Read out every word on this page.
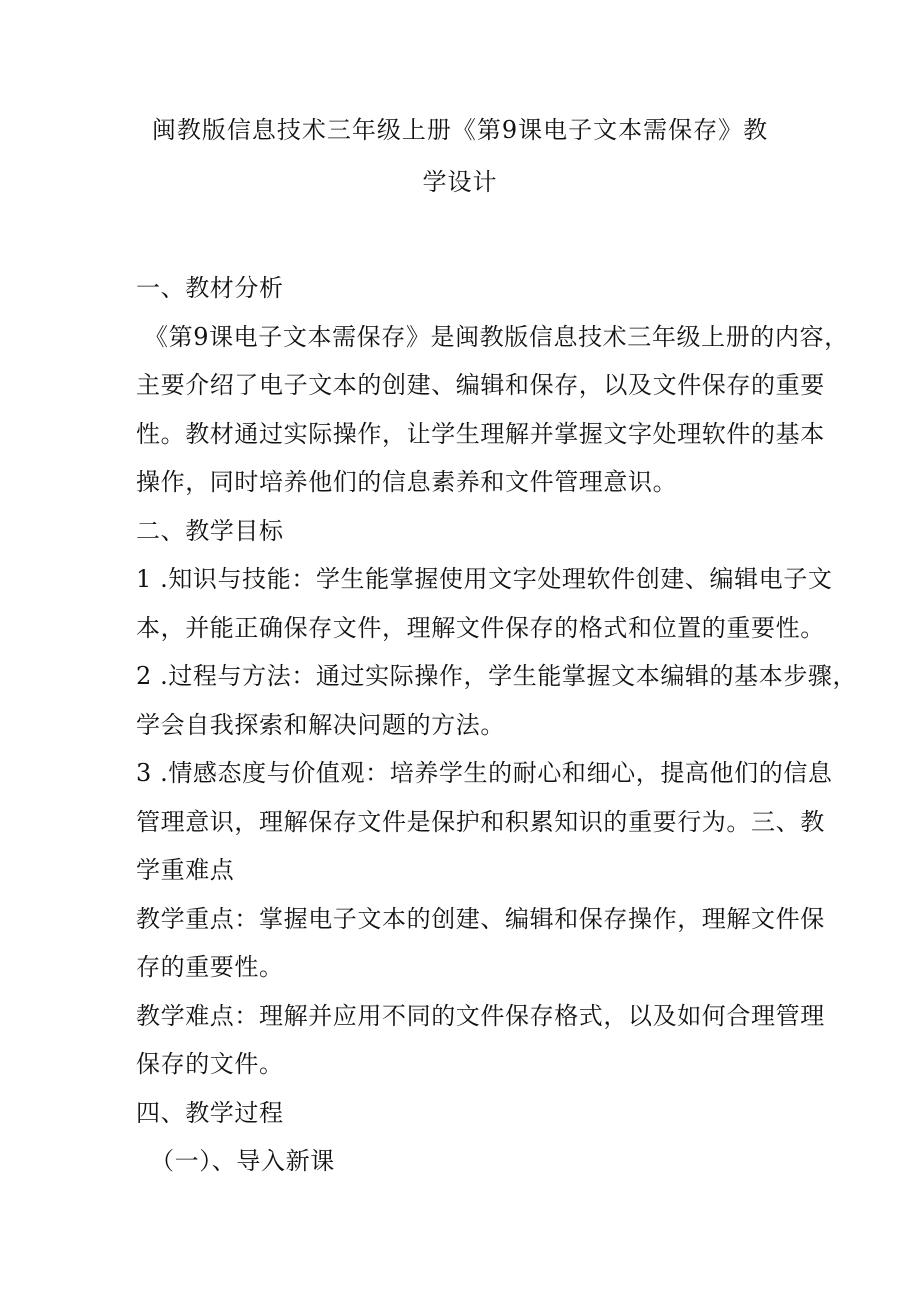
闽教版信息技术三年级上册《第9课电子文本需保存》教
学设计
一、教材分析
《第9课电子文本需保存》是闽教版信息技术三年级上册的内容，
主要介绍了电子文本的创建、编辑和保存，以及文件保存的重要
性。教材通过实际操作，让学生理解并掌握文字处理软件的基本
操作，同时培养他们的信息素养和文件管理意识。
二、教学目标
1 .知识与技能：学生能掌握使用文字处理软件创建、编辑电子文
本，并能正确保存文件，理解文件保存的格式和位置的重要性。
2 .过程与方法：通过实际操作，学生能掌握文本编辑的基本步骤，
学会自我探索和解决问题的方法。
3 .情感态度与价值观：培养学生的耐心和细心，提高他们的信息
管理意识，理解保存文件是保护和积累知识的重要行为。三、教
学重难点
教学重点：掌握电子文本的创建、编辑和保存操作，理解文件保
存的重要性。
教学难点：理解并应用不同的文件保存格式，以及如何合理管理
保存的文件。
四、教学过程
（一）、导入新课
